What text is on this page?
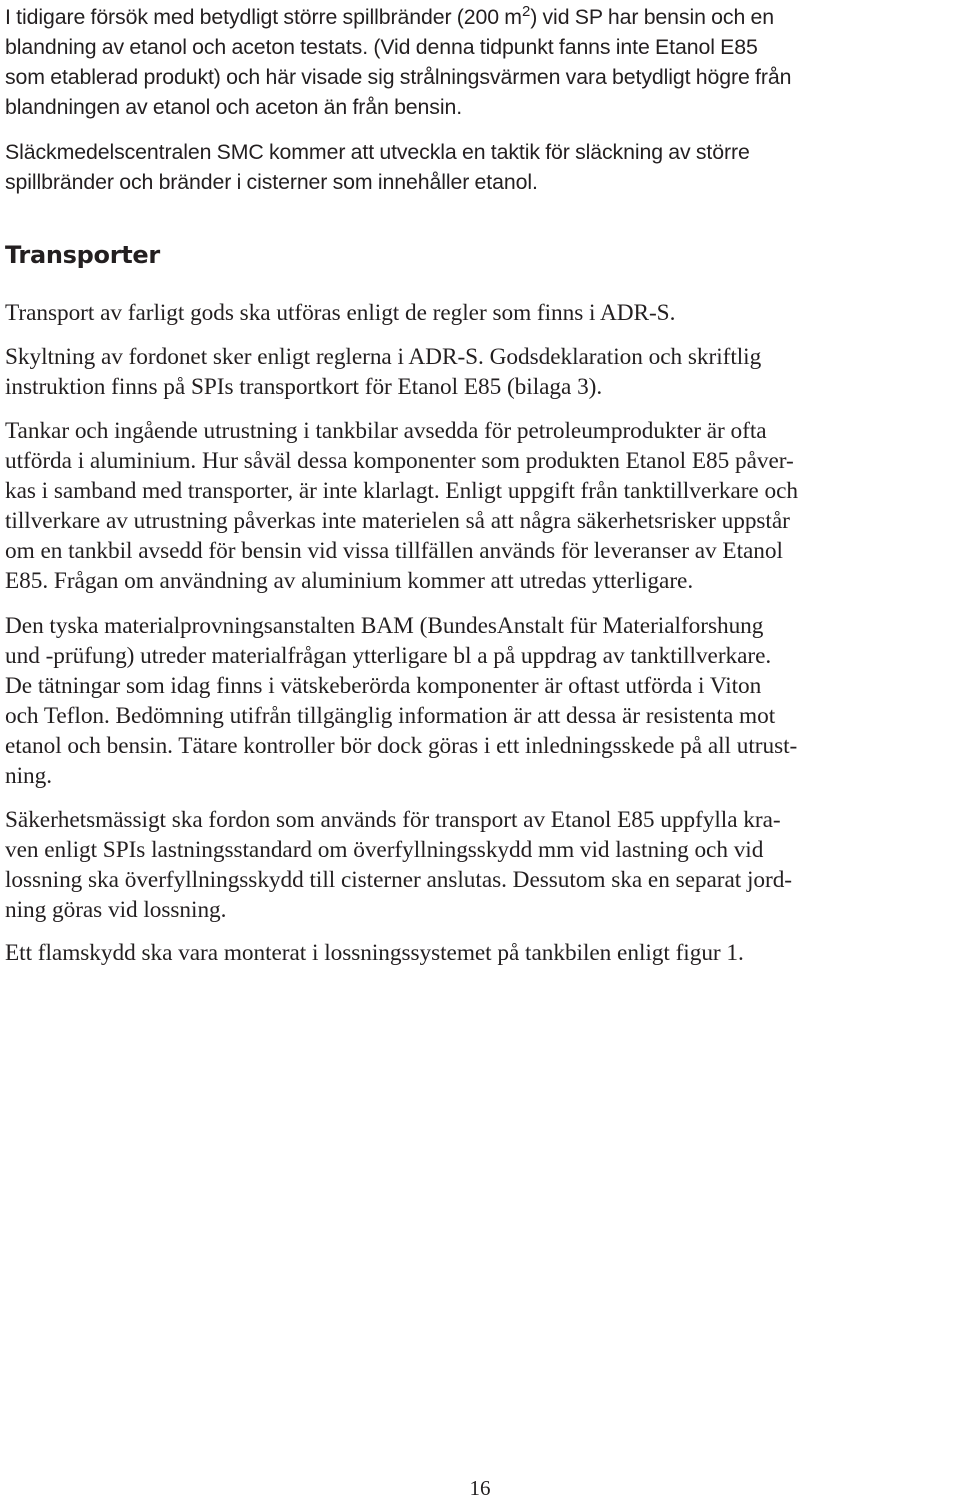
I tidigare försök med betydligt större spillbränder (200 $m^2$) vid SP har bensin och en
blandning av etanol och aceton testats. (Vid denna tidpunkt fanns inte Etanol E85
som etablerad produkt) och här visade sig strålningsvärmen vara betydligt högre från
blandningen av etanol och aceton än från bensin.

Släckmedelscentralen SMC kommer att utveckla en taktik för släckning av större
spillbränder och bränder i cisterner som innehåller etanol.

Transporter

Transport av farligt gods ska utföras enligt de regler som finns i ADR-S.

Skyltning av fordonet sker enligt reglerna i ADR-S. Godsdeklaration och skriftlig
instruktion finns på SPIs transportkort för Etanol E85 (bilaga 3).

Tankar och ingående utrustning i tankbilar avsedda för petroleumprodukter är ofta
utförda i aluminium. Hur såväl dessa komponenter som produkten Etanol E85 påver-
kas i samband med transporter, är inte klarlagt. Enligt uppgift från tanktillverkare och
tillverkare av utrustning påverkas inte materielen så att några säkerhetsrisker uppstår
om en tankbil avsedd för bensin vid vissa tillfällen används för leveranser av Etanol
E85. Frågan om användning av aluminium kommer att utredas ytterligare.

Den tyska materialprovningsanstalten BAM (BundesAnstalt für Materialforshung
und -prüfung) utreder materialfrågan ytterligare bl a på uppdrag av tanktillverkare.
De tätningar som idag finns i vätskeberörda komponenter är oftast utförda i Viton
och Teflon. Bedömning utifrån tillgänglig information är att dessa är resistenta mot
etanol och bensin. Tätare kontroller bör dock göras i ett inledningsskede på all utrust-
ning.

Säkerhetsmässigt ska fordon som används för transport av Etanol E85 uppfylla kra-
ven enligt SPIs lastningsstandard om överfyllningsskydd mm vid lastning och vid
lossning ska överfyllningsskydd till cisterner anslutas. Dessutom ska en separat jord-
ning göras vid lossning.

Ett flamskydd ska vara monterat i lossningssystemet på tankbilen enligt figur 1.

16
